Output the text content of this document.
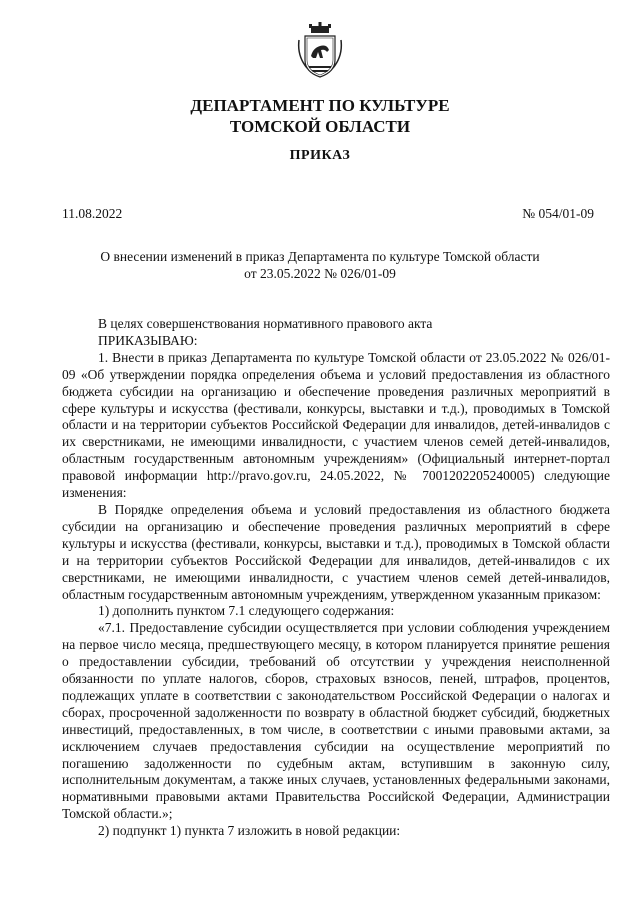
ДЕПАРТАМЕНТ ПО КУЛЬТУРЕ
ТОМСКОЙ ОБЛАСТИ
ПРИКАЗ
11.08.2022	№ 054/01-09
О внесении изменений в приказ Департамента по культуре Томской области
от 23.05.2022 № 026/01-09

В целях совершенствования нормативного правового акта

ПРИКАЗЫВАЮ:

1. Внести в приказ Департамента по культуре Томской области от 23.05.2022 № 026/01-09 «Об утверждении порядка определения объема и условий предоставления из областного бюджета субсидии на организацию и обеспечение проведения различных мероприятий в сфере культуры и искусства (фестивали, конкурсы, выставки и т.д.), проводимых в Томской области и на территории субъектов Российской Федерации для инвалидов, детей-инвалидов с их сверстниками, не имеющими инвалидности, с участием членов семей детей-инвалидов, областным государственным автономным учреждениям» (Официальный интернет-портал правовой информации http://pravo.gov.ru, 24.05.2022, № 7001202205240005) следующие изменения:

В Порядке определения объема и условий предоставления из областного бюджета субсидии на организацию и обеспечение проведения различных мероприятий в сфере культуры и искусства (фестивали, конкурсы, выставки и т.д.), проводимых в Томской области и на территории субъектов Российской Федерации для инвалидов, детей-инвалидов с их сверстниками, не имеющими инвалидности, с участием членов семей детей-инвалидов, областным государственным автономным учреждениям, утвержденном указанным приказом:

1) дополнить пунктом 7.1 следующего содержания:

«7.1. Предоставление субсидии осуществляется при условии соблюдения учреждением на первое число месяца, предшествующего месяцу, в котором планируется принятие решения о предоставлении субсидии, требований об отсутствии у учреждения неисполненной обязанности по уплате налогов, сборов, страховых взносов, пеней, штрафов, процентов, подлежащих уплате в соответствии с законодательством Российской Федерации о налогах и сборах, просроченной задолженности по возврату в областной бюджет субсидий, бюджетных инвестиций, предоставленных, в том числе, в соответствии с иными правовыми актами, за исключением случаев предоставления субсидии на осуществление мероприятий по погашению задолженности по судебным актам, вступившим в законную силу, исполнительным документам, а также иных случаев, установленных федеральными законами, нормативными правовыми актами Правительства Российской Федерации, Администрации Томской области.»;

2) подпункт 1) пункта 7 изложить в новой редакции:
